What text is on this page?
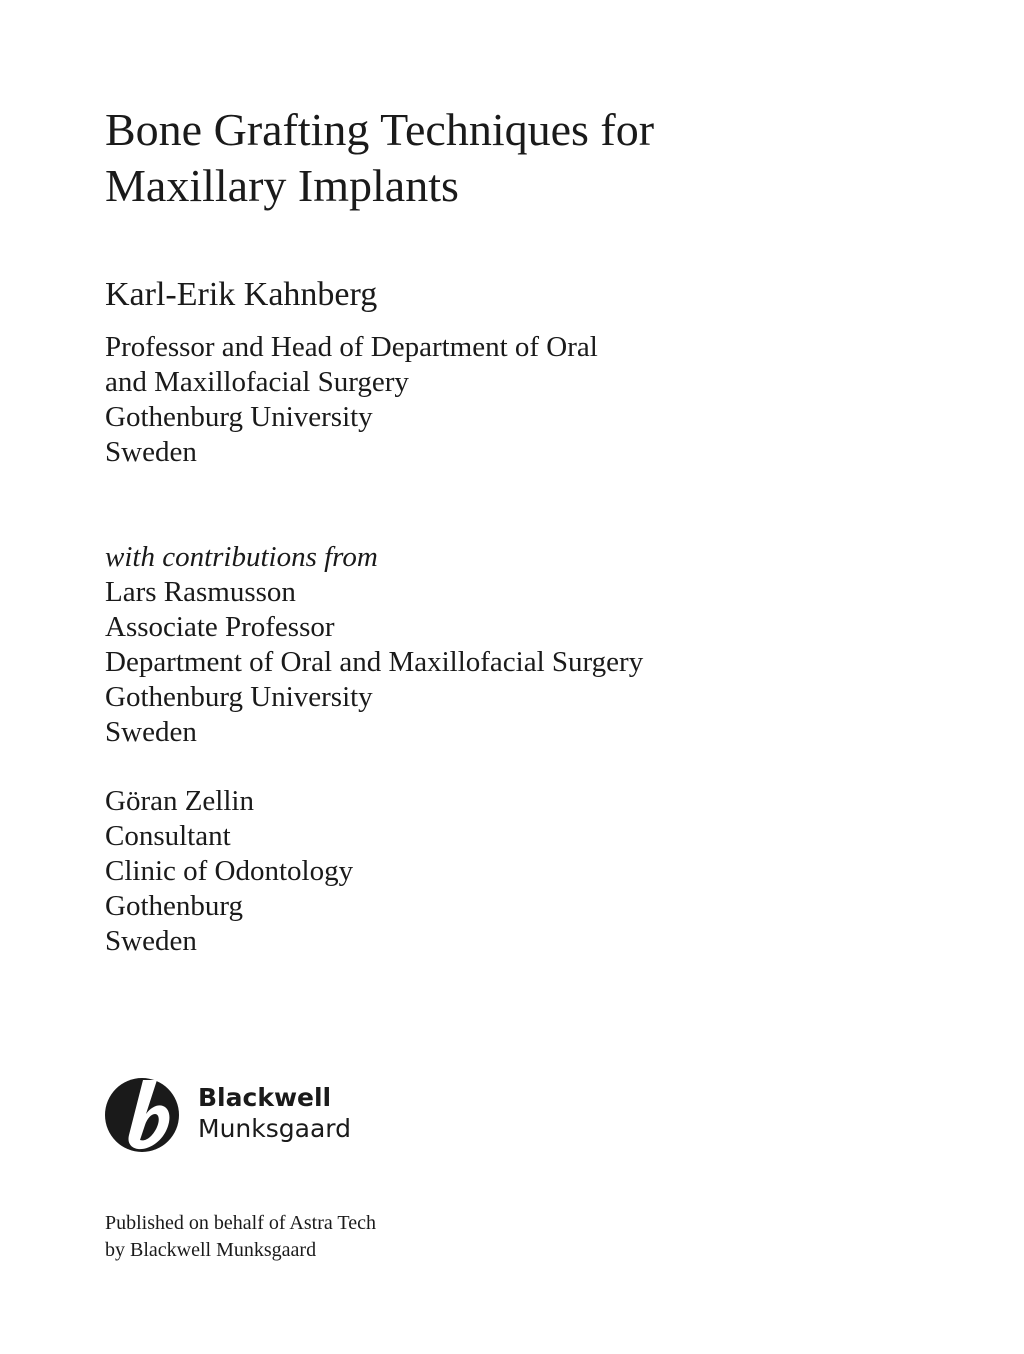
Bone Grafting Techniques for
Maxillary Implants
Karl-Erik Kahnberg
Professor and Head of Department of Oral
and Maxillofacial Surgery
Gothenburg University
Sweden
with contributions from
Lars Rasmusson
Associate Professor
Department of Oral and Maxillofacial Surgery
Gothenburg University
Sweden
Göran Zellin
Consultant
Clinic of Odontology
Gothenburg
Sweden
Blackwell
Munksgaard
Published on behalf of Astra Tech
by Blackwell Munksgaard
